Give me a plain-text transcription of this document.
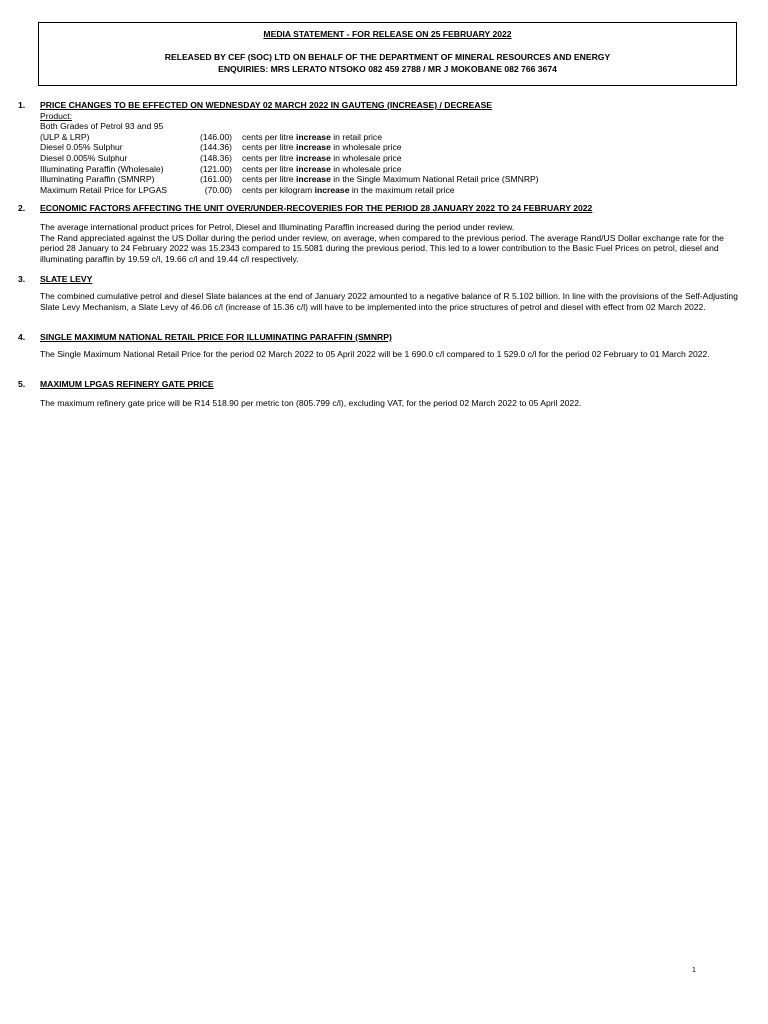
MEDIA STATEMENT - FOR RELEASE ON 25 FEBRUARY 2022
RELEASED BY CEF (SOC) LTD ON BEHALF OF THE DEPARTMENT OF MINERAL RESOURCES AND ENERGY
ENQUIRIES: MRS LERATO NTSOKO 082 459 2788 / MR J MOKOBANE 082 766 3674
1. PRICE CHANGES TO BE EFFECTED ON WEDNESDAY 02 MARCH 2022 IN GAUTENG (INCREASE) / DECREASE
Product:
Both Grades of Petrol 93 and 95
(ULP & LRP)	(146.00) cents per litre increase in retail price
Diesel 0.05% Sulphur	(144.36) cents per litre increase in wholesale price
Diesel 0.005% Sulphur	(148.36) cents per litre increase in wholesale price
Illuminating Paraffin (Wholesale)	(121.00) cents per litre increase in wholesale price
Illuminating Paraffin (SMNRP)	(161.00) cents per litre increase in the Single Maximum National Retail price (SMNRP)
Maximum Retail Price for LPGAS	(70.00) cents per kilogram increase in the maximum retail price
2. ECONOMIC FACTORS AFFECTING THE UNIT OVER/UNDER-RECOVERIES FOR THE PERIOD 28 JANUARY 2022 TO 24 FEBRUARY 2022

The average international product prices for Petrol, Diesel and Illuminating Paraffin increased during the period under review.

The Rand appreciated against the US Dollar during the period under review, on average, when compared to the previous period. The average Rand/US Dollar exchange rate for the period 28 January to 24 February 2022 was 15.2343 compared to 15.5081 during the previous period. This led to a lower contribution to the Basic Fuel Prices on petrol, diesel and illuminating paraffin by 19.59 c/l, 19.66 c/l and 19.44 c/l respectively.

3. SLATE LEVY

The combined cumulative petrol and diesel Slate balances at the end of January 2022 amounted to a negative balance of R 5.102 billion. In line with the provisions of the Self-Adjusting Slate Levy Mechanism, a Slate Levy of 46.06 c/l (increase of 15.36 c/l) will have to be implemented into the price structures of petrol and diesel with effect from 02 March 2022.

4. SINGLE MAXIMUM NATIONAL RETAIL PRICE FOR ILLUMINATING PARAFFIN (SMNRP)

The Single Maximum National Retail Price for the period 02 March 2022 to 05 April 2022 will be 1 690.0 c/l compared to 1 529.0 c/l for the period 02 February to 01 March 2022.

5. MAXIMUM LPGAS REFINERY GATE PRICE

The maximum refinery gate price will be R14 518.90 per metric ton (805.799 c/l), excluding VAT, for the period 02 March 2022 to 05 April 2022.

1
